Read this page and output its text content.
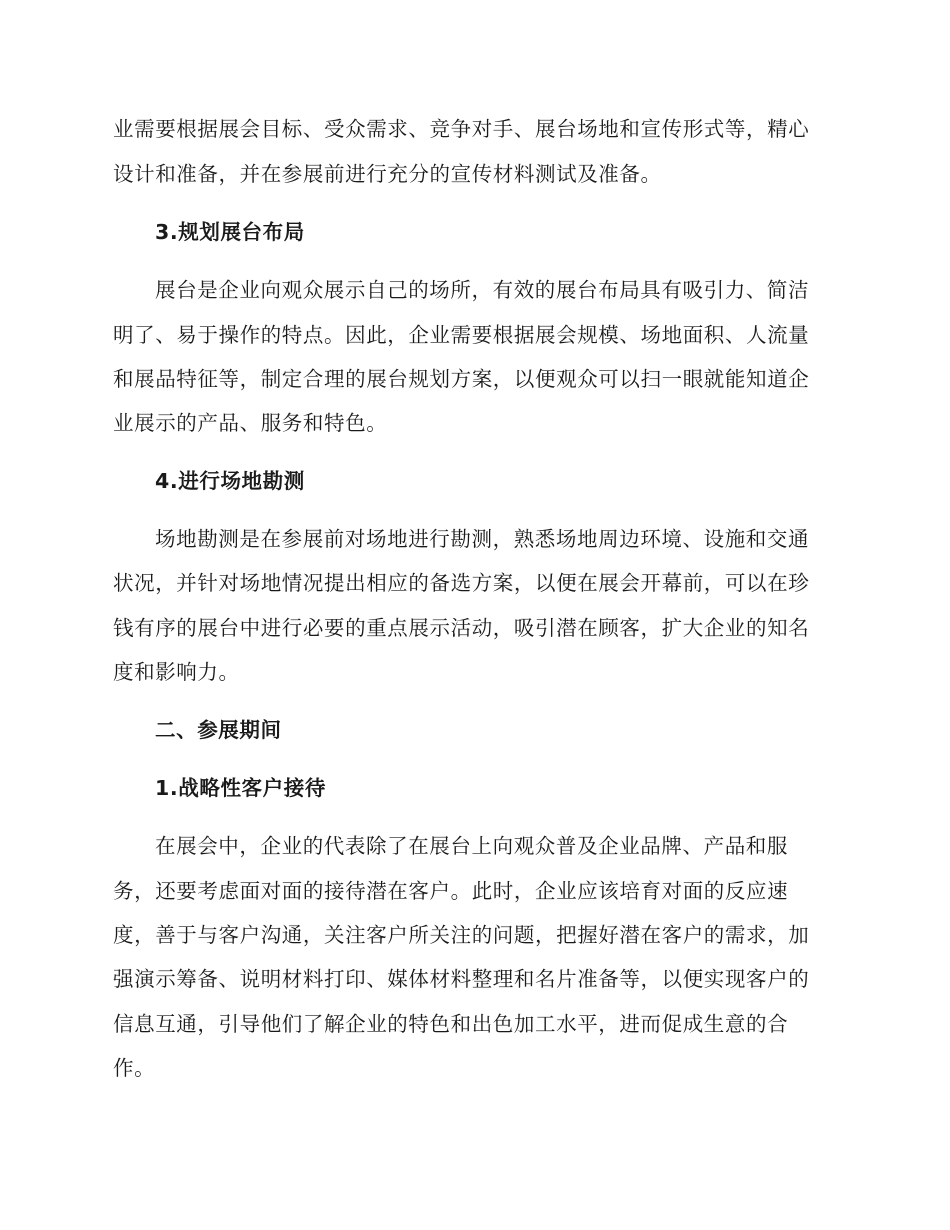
业需要根据展会目标、受众需求、竞争对手、展台场地和宣传形式等，精心
设计和准备，并在参展前进行充分的宣传材料测试及准备。
3.规划展台布局
展台是企业向观众展示自己的场所，有效的展台布局具有吸引力、简洁
明了、易于操作的特点。因此，企业需要根据展会规模、场地面积、人流量
和展品特征等，制定合理的展台规划方案，以便观众可以扫一眼就能知道企
业展示的产品、服务和特色。
4.进行场地勘测
场地勘测是在参展前对场地进行勘测，熟悉场地周边环境、设施和交通
状况，并针对场地情况提出相应的备选方案，以便在展会开幕前，可以在珍
钱有序的展台中进行必要的重点展示活动，吸引潜在顾客，扩大企业的知名
度和影响力。
二、参展期间
1.战略性客户接待
在展会中，企业的代表除了在展台上向观众普及企业品牌、产品和服
务，还要考虑面对面的接待潜在客户。此时，企业应该培育对面的反应速
度，善于与客户沟通，关注客户所关注的问题，把握好潜在客户的需求，加
强演示筹备、说明材料打印、媒体材料整理和名片准备等，以便实现客户的
信息互通，引导他们了解企业的特色和出色加工水平，进而促成生意的合
作。
